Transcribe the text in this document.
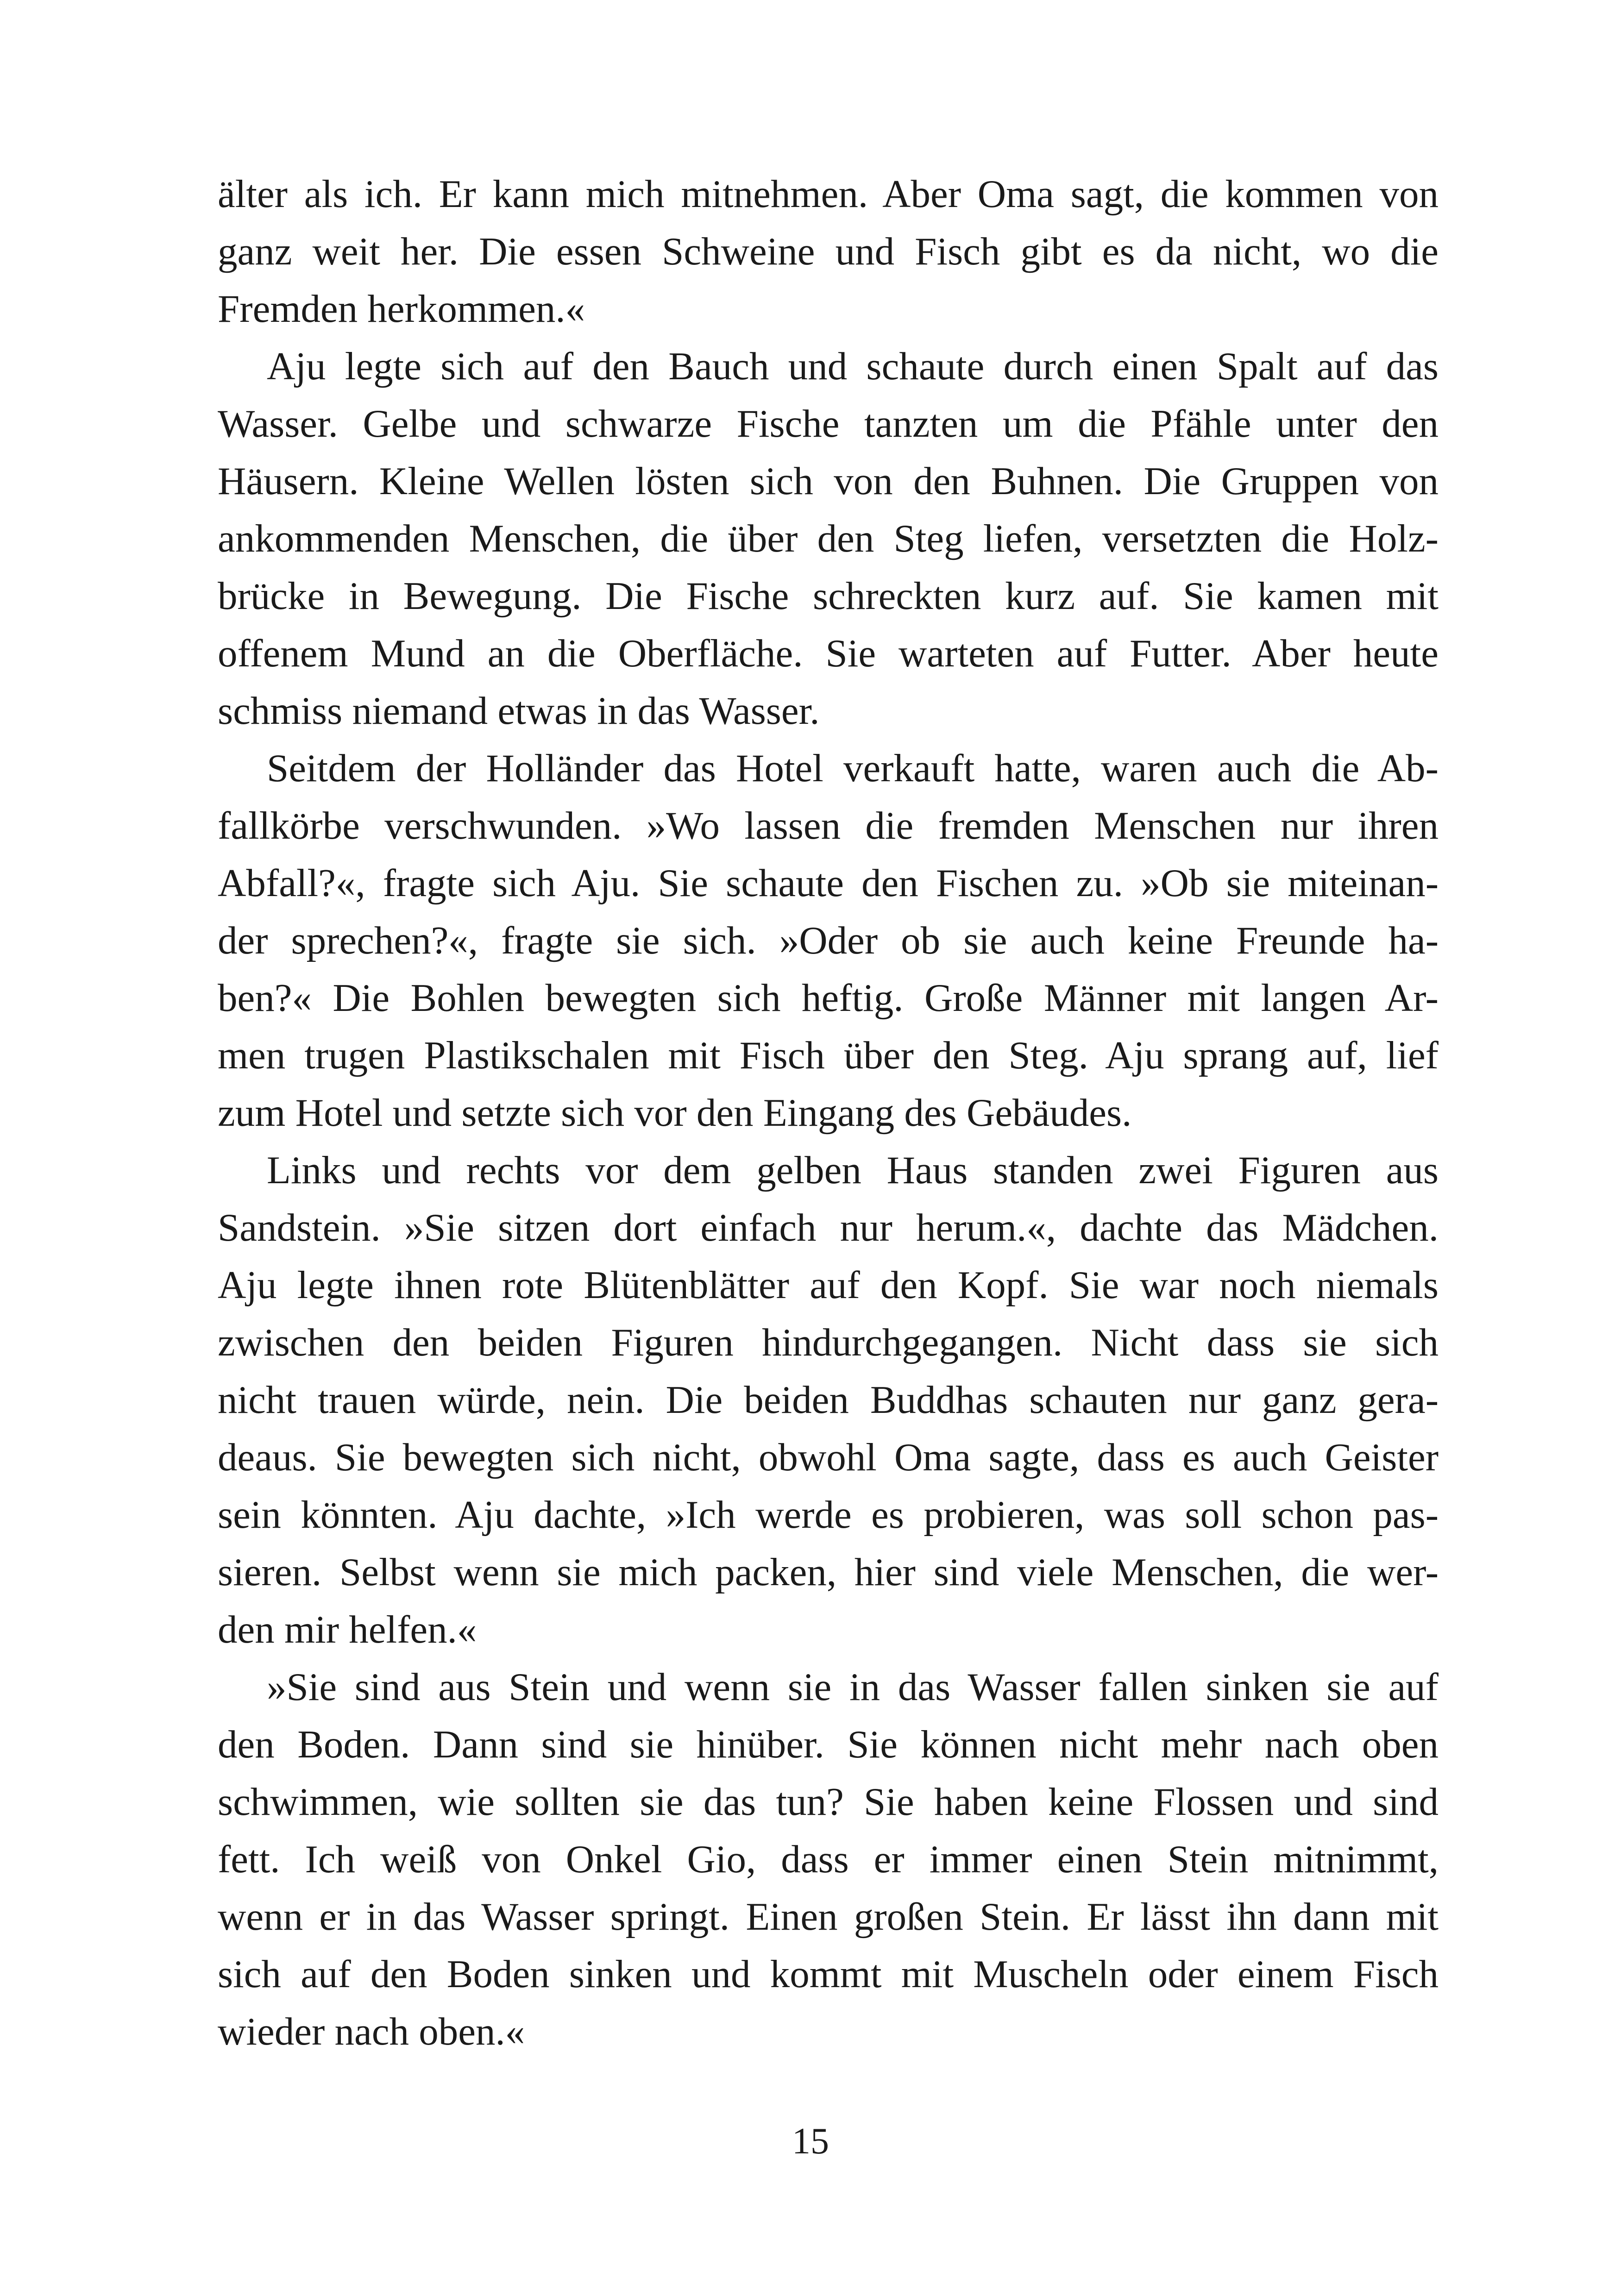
älter als ich. Er kann mich mitnehmen. Aber Oma sagt, die kommen von
ganz weit her. Die essen Schweine und Fisch gibt es da nicht, wo die
Fremden herkommen.«

Aju legte sich auf den Bauch und schaute durch einen Spalt auf das
Wasser. Gelbe und schwarze Fische tanzten um die Pfähle unter den
Häusern. Kleine Wellen lösten sich von den Buhnen. Die Gruppen von
ankommenden Menschen, die über den Steg liefen, versetzten die Holz-
brücke in Bewegung. Die Fische schreckten kurz auf. Sie kamen mit
offenem Mund an die Oberfläche. Sie warteten auf Futter. Aber heute
schmiss niemand etwas in das Wasser.

Seitdem der Holländer das Hotel verkauft hatte, waren auch die Ab-
fallkörbe verschwunden. »Wo lassen die fremden Menschen nur ihren
Abfall?«, fragte sich Aju. Sie schaute den Fischen zu. »Ob sie miteinan-
der sprechen?«, fragte sie sich. »Oder ob sie auch keine Freunde ha-
ben?« Die Bohlen bewegten sich heftig. Große Männer mit langen Ar-
men trugen Plastikschalen mit Fisch über den Steg. Aju sprang auf, lief
zum Hotel und setzte sich vor den Eingang des Gebäudes.

Links und rechts vor dem gelben Haus standen zwei Figuren aus
Sandstein. »Sie sitzen dort einfach nur herum.«, dachte das Mädchen.
Aju legte ihnen rote Blütenblätter auf den Kopf. Sie war noch niemals
zwischen den beiden Figuren hindurchgegangen. Nicht dass sie sich
nicht trauen würde, nein. Die beiden Buddhas schauten nur ganz gera-
deaus. Sie bewegten sich nicht, obwohl Oma sagte, dass es auch Geister
sein könnten. Aju dachte, »Ich werde es probieren, was soll schon pas-
sieren. Selbst wenn sie mich packen, hier sind viele Menschen, die wer-
den mir helfen.«

»Sie sind aus Stein und wenn sie in das Wasser fallen sinken sie auf
den Boden. Dann sind sie hinüber. Sie können nicht mehr nach oben
schwimmen, wie sollten sie das tun? Sie haben keine Flossen und sind
fett. Ich weiß von Onkel Gio, dass er immer einen Stein mitnimmt,
wenn er in das Wasser springt. Einen großen Stein. Er lässt ihn dann mit
sich auf den Boden sinken und kommt mit Muscheln oder einem Fisch
wieder nach oben.«

15
